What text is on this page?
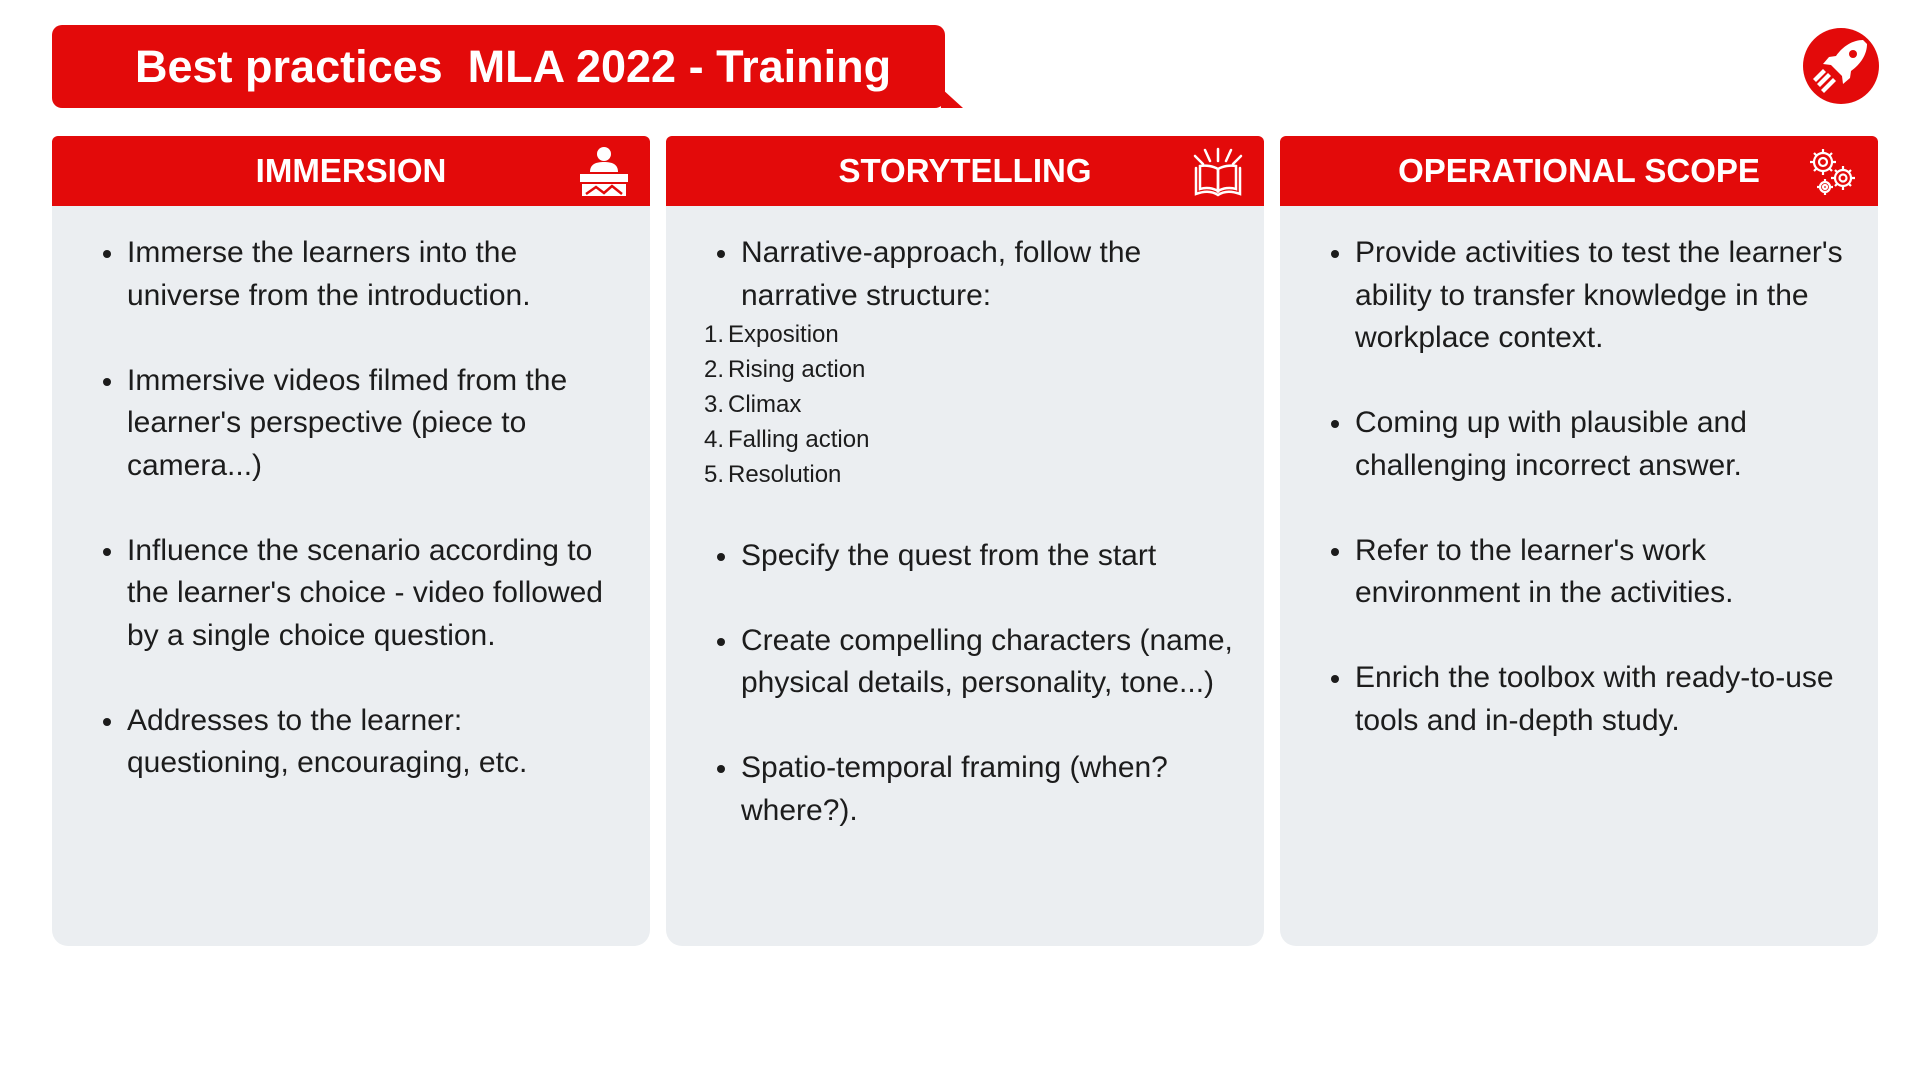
Best practices  MLA 2022 - Training
IMMERSION
Immerse the learners into the universe from the introduction.
Immersive videos filmed from the learner's perspective (piece to camera...)
Influence the scenario according to the learner's choice - video followed by a single choice question.
Addresses to the learner: questioning, encouraging, etc.
STORYTELLING
Narrative-approach, follow the narrative structure:
1. Exposition
2. Rising action
3. Climax
4. Falling action
5. Resolution
Specify the quest from the start
Create compelling characters (name, physical details, personality, tone...)
Spatio-temporal framing (when? where?).
OPERATIONAL SCOPE
Provide activities to test the learner's ability to transfer knowledge in the workplace context.
Coming up with plausible and challenging incorrect answer.
Refer to the learner's work environment in the activities.
Enrich the toolbox with ready-to-use tools and in-depth study.
